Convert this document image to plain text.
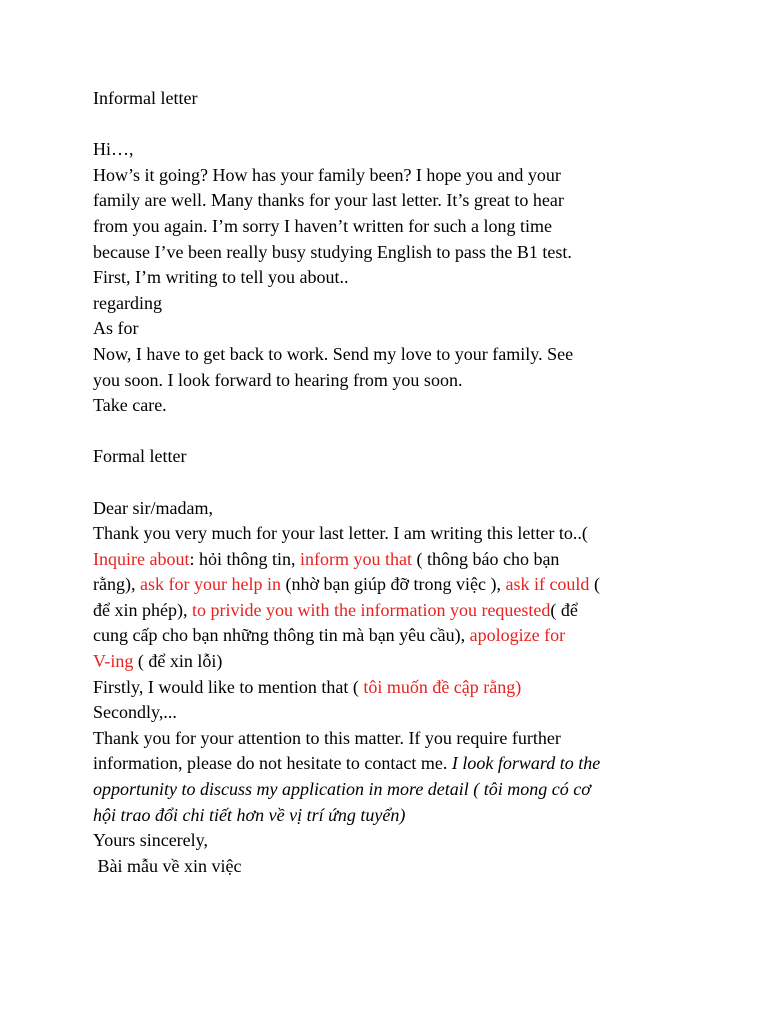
Informal letter
Hi…,
How’s it going? How has your family been? I hope you and your
family are well. Many thanks for your last letter. It’s great to hear
from you again. I’m sorry I haven’t written for such a long time
because I’ve been really busy studying English to pass the B1 test.
First, I’m writing to tell you about..
regarding
As for
Now, I have to get back to work. Send my love to your family. See
you soon. I look forward to hearing from you soon.
Take care.
Formal letter
Dear sir/madam,
Thank you very much for your last letter. I am writing this letter to..(
Inquire about: hỏi thông tin, inform you that ( thông báo cho bạn
rằng), ask for your help in (nhờ bạn giúp đỡ trong việc ), ask if could (
để xin phép), to privide you with the information you requested( để
cung cấp cho bạn những thông tin mà bạn yêu cầu), apologize for
V-ing ( để xin lỗi)
Firstly, I would like to mention that ( tôi muốn đề cập rằng)
Secondly,...
Thank you for your attention to this matter. If you require further
information, please do not hesitate to contact me. I look forward to the
opportunity to discuss my application in more detail ( tôi mong có cơ
hội trao đổi chi tiết hơn về vị trí ứng tuyển)
Yours sincerely,
Bài mẫu về xin việc
